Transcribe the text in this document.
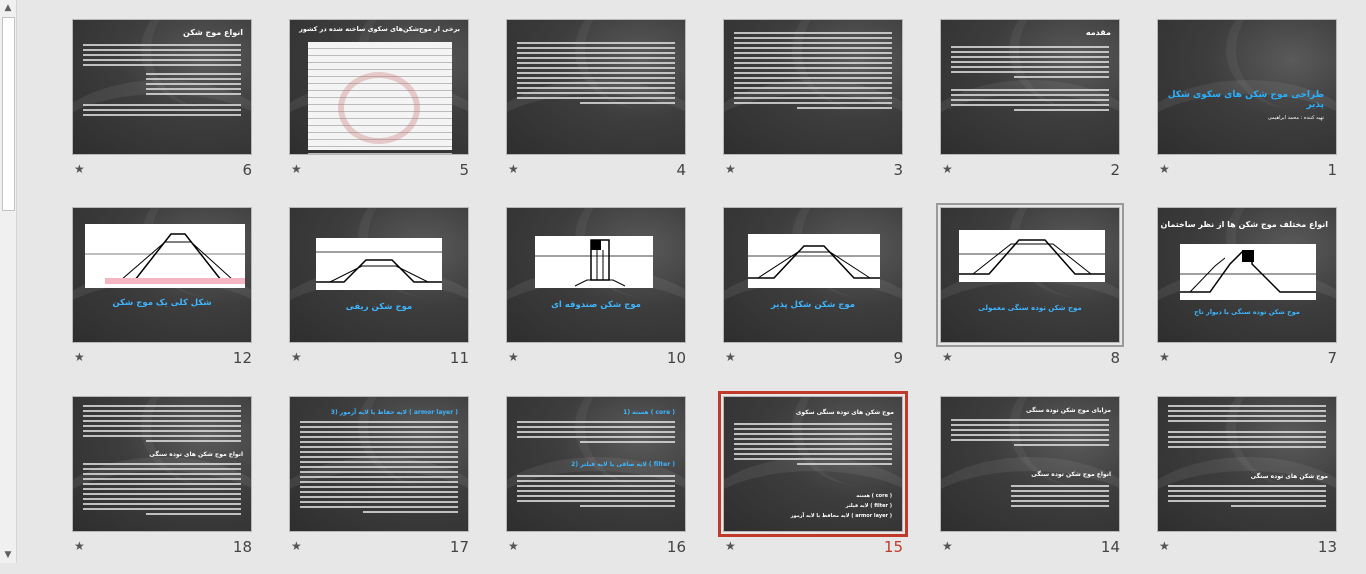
▲
▼
طراحی موج شکن های سکوی شکل پذیر
تهیه کننده : محمد ابراهیمی
★	1
مقدمه
★	2
★	3
★	4
برخی از موج‌شکن‌های سکوی ساخته شده در کشور
★	5
انواع موج شکن
★	6
انواع مختلف موج شکن ها از نظر ساختمان
موج شکن توده سنگی با دیوار تاج
★	7
موج شکن توده سنگی معمولی
★	8
موج شکن شکل پذیر
★	9
موج شکن صندوقه ای
★	10
موج شکن ریفی
★	11
شکل کلی یک موج شکن
★	12
موج شکن های توده سنگی
★	13
مزایای موج شکن توده سنگی
انواع موج شکن توده سنگی
★	14
موج شکن های توده سنگی سکوی
( core ) هسته
( filter ) لایه فیلتر
( armor layer ) لایه محافظ یا لایه آرمور
★	15
( core ) هسته (1
( filter ) لایه صافی یا لایه فیلتر (2
★	16
( armor layer ) لایه حفاظ یا لایه آرمور (3
★	17
انواع موج شکن های توده سنگی
★	18
